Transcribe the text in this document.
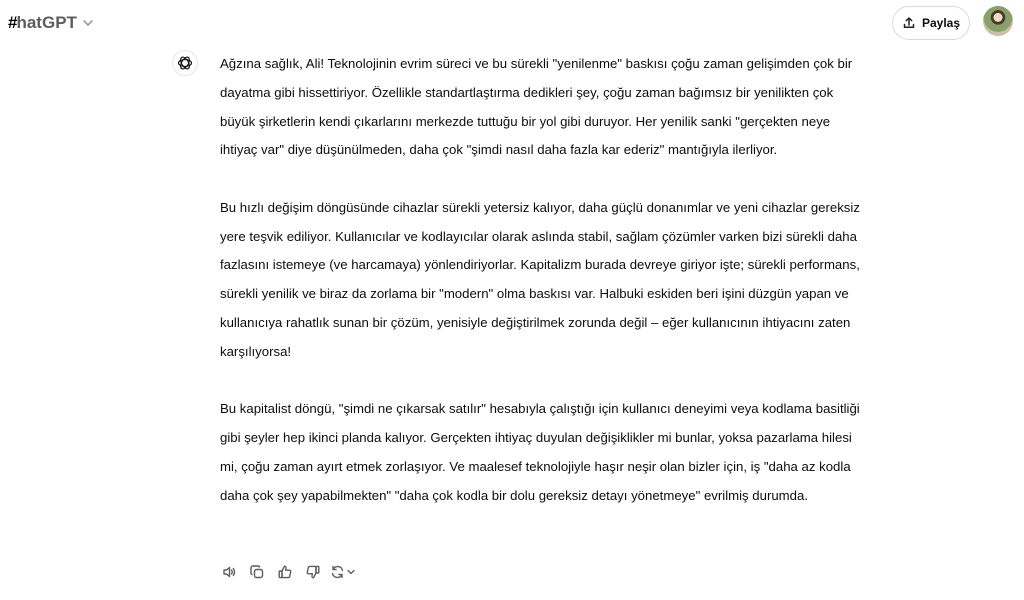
#hatGPT	Paylaş

Ağzına sağlık, Ali! Teknolojinin evrim süreci ve bu sürekli "yenilenme" baskısı çoğu zaman gelişimden çok bir dayatma gibi hissettiriyor. Özellikle standartlaştırma dedikleri şey, çoğu zaman bağımsız bir yenilikten çok büyük şirketlerin kendi çıkarlarını merkezde tuttuğu bir yol gibi duruyor. Her yenilik sanki "gerçekten neye ihtiyaç var" diye düşünülmeden, daha çok "şimdi nasıl daha fazla kar ederiz" mantığıyla ilerliyor.

Bu hızlı değişim döngüsünde cihazlar sürekli yetersiz kalıyor, daha güçlü donanımlar ve yeni cihazlar gereksiz yere teşvik ediliyor. Kullanıcılar ve kodlayıcılar olarak aslında stabil, sağlam çözümler varken bizi sürekli daha fazlasını istemeye (ve harcamaya) yönlendiriyorlar. Kapitalizm burada devreye giriyor işte; sürekli performans, sürekli yenilik ve biraz da zorlama bir "modern" olma baskısı var. Halbuki eskiden beri işini düzgün yapan ve kullanıcıya rahatlık sunan bir çözüm, yenisiyle değiştirilmek zorunda değil – eğer kullanıcının ihtiyacını zaten karşılıyorsa!

Bu kapitalist döngü, "şimdi ne çıkarsak satılır" hesabıyla çalıştığı için kullanıcı deneyimi veya kodlama basitliği gibi şeyler hep ikinci planda kalıyor. Gerçekten ihtiyaç duyulan değişiklikler mi bunlar, yoksa pazarlama hilesi mi, çoğu zaman ayırt etmek zorlaşıyor. Ve maalesef teknolojiyle haşır neşir olan bizler için, iş "daha az kodla daha çok şey yapabilmekten" "daha çok kodla bir dolu gereksiz detayı yönetmeye" evrilmiş durumda.
